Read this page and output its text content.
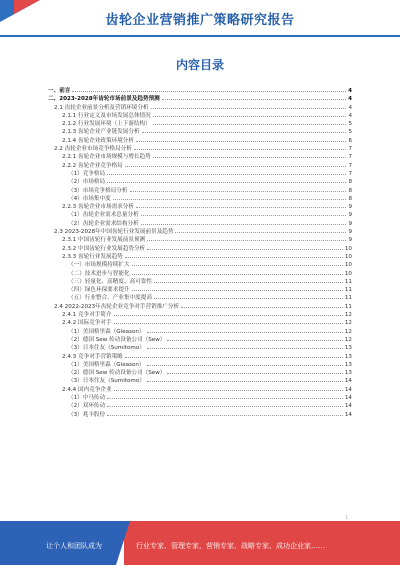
齿轮企业营销推广策略研究报告
内容目录
一、前言	4
二、2023-2028年齿轮市场前景及趋势预测	4
2.1 齿轮企业前景分析及营销环境分析	4
2.1.1 行业定义及市场发展总体情况	4
2.1.2 行业发展环境（上下游结构）	5
2.1.3 齿轮企业产业链发展分析	5
2.1.4 齿轮企业政策环境分析	6
2.2 齿轮企业市场竞争格局分析	7
2.2.1 齿轮企业市场规模与增长趋势	7
2.2.2 齿轮企业竞争格局	7
（1）竞争格局	7
（2）市场格局	8
（3）市场竞争格局分析	8
（4）市场集中度	8
2.2.3 齿轮企业市场需求分析	9
（1）齿轮企业需求总量分析	9
（2）齿轮企业需求结构分析	9
2.3 2023-2028年中国齿轮行业发展前景及趋势	9
2.3.1 中国齿轮行业发展前景预测	9
2.3.2 中国齿轮行业发展趋势分析	10
2.3.3 齿轮行业发展趋势	10
（一）市场规模持续扩大	10
（二）技术进步与智能化	10
（三）轻量化、高精度、高可靠性	11
（四）绿色环保要求提升	11
（五）行业整合、产业集中度提高	11
2.4 2022-2023年齿轮企业竞争对手营销推广分析	11
2.4.1 竞争对手简介	12
2.4.2 国际竞争对手	12
（1）美国格里森（Gleason）	12
（2）德国 Sew 传动设备公司（Sew）	12
（3）日本住友（Sumitomo）	13
2.4.3 竞争对手营销策略	13
（1）美国格里森（Gleason）	13
（2）德国 Sew 传动设备公司（Sew）	13
（3）日本住友（Sumitomo）	14
2.4.4 国内竞争企业	14
（1）中马传动	14
（2）双环传动	14
（3）兆丰股份	14
1
让个人和团队成为	行业专家、管理专家、营销专家、战略专家、成功企业家……
